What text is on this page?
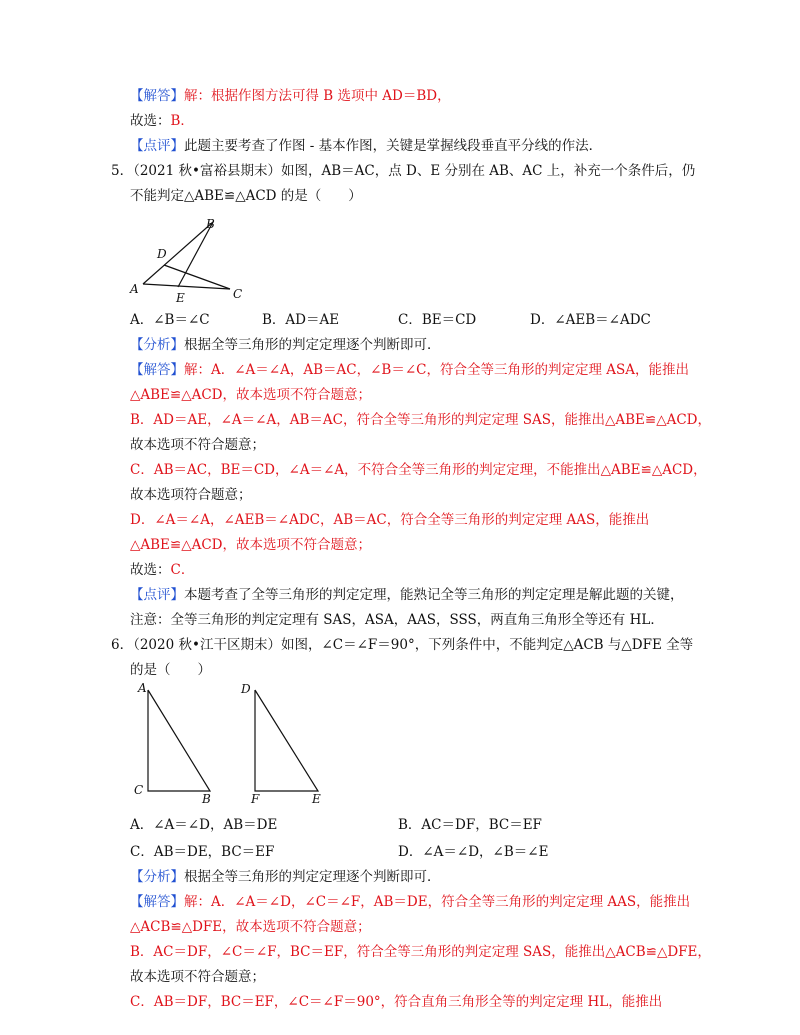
【解答】解：根据作图方法可得 B 选项中 AD＝BD，
故选：B．
【点评】此题主要考查了作图 - 基本作图，关键是掌握线段垂直平分线的作法．
5．（2021 秋•富裕县期末）如图，AB＝AC，点 D、E 分别在 AB、AC 上，补充一个条件后，仍
不能判定△ABE≌△ACD 的是（　　）
B
D
A
E	C
A．∠B＝∠C	B．AD＝AE	C．BE＝CD	D．∠AEB＝∠ADC
【分析】根据全等三角形的判定定理逐个判断即可．
【解答】解：A．∠A＝∠A，AB＝AC，∠B＝∠C，符合全等三角形的判定定理 ASA，能推出
△ABE≌△ACD，故本选项不符合题意；
B．AD＝AE，∠A＝∠A，AB＝AC，符合全等三角形的判定定理 SAS，能推出△ABE≌△ACD，
故本选项不符合题意；
C．AB＝AC，BE＝CD，∠A＝∠A，不符合全等三角形的判定定理，不能推出△ABE≌△ACD，
故本选项符合题意；
D．∠A＝∠A，∠AEB＝∠ADC，AB＝AC，符合全等三角形的判定定理 AAS，能推出
△ABE≌△ACD，故本选项不符合题意；
故选：C．
【点评】本题考查了全等三角形的判定定理，能熟记全等三角形的判定定理是解此题的关键，
注意：全等三角形的判定定理有 SAS，ASA，AAS，SSS，两直角三角形全等还有 HL．
6．（2020 秋•江干区期末）如图，∠C＝∠F＝90°，下列条件中，不能判定△ACB 与△DFE 全等
的是（　　）
A
C
B
D
F	E
A．∠A＝∠D，AB＝DE	B．AC＝DF，BC＝EF
C．AB＝DE，BC＝EF	D．∠A＝∠D，∠B＝∠E
【分析】根据全等三角形的判定定理逐个判断即可．
【解答】解：A．∠A＝∠D，∠C＝∠F，AB＝DE，符合全等三角形的判定定理 AAS，能推出
△ACB≌△DFE，故本选项不符合题意；
B．AC＝DF，∠C＝∠F，BC＝EF，符合全等三角形的判定定理 SAS，能推出△ACB≌△DFE，
故本选项不符合题意；
C．AB＝DF，BC＝EF，∠C＝∠F＝90°，符合直角三角形全等的判定定理 HL，能推出
